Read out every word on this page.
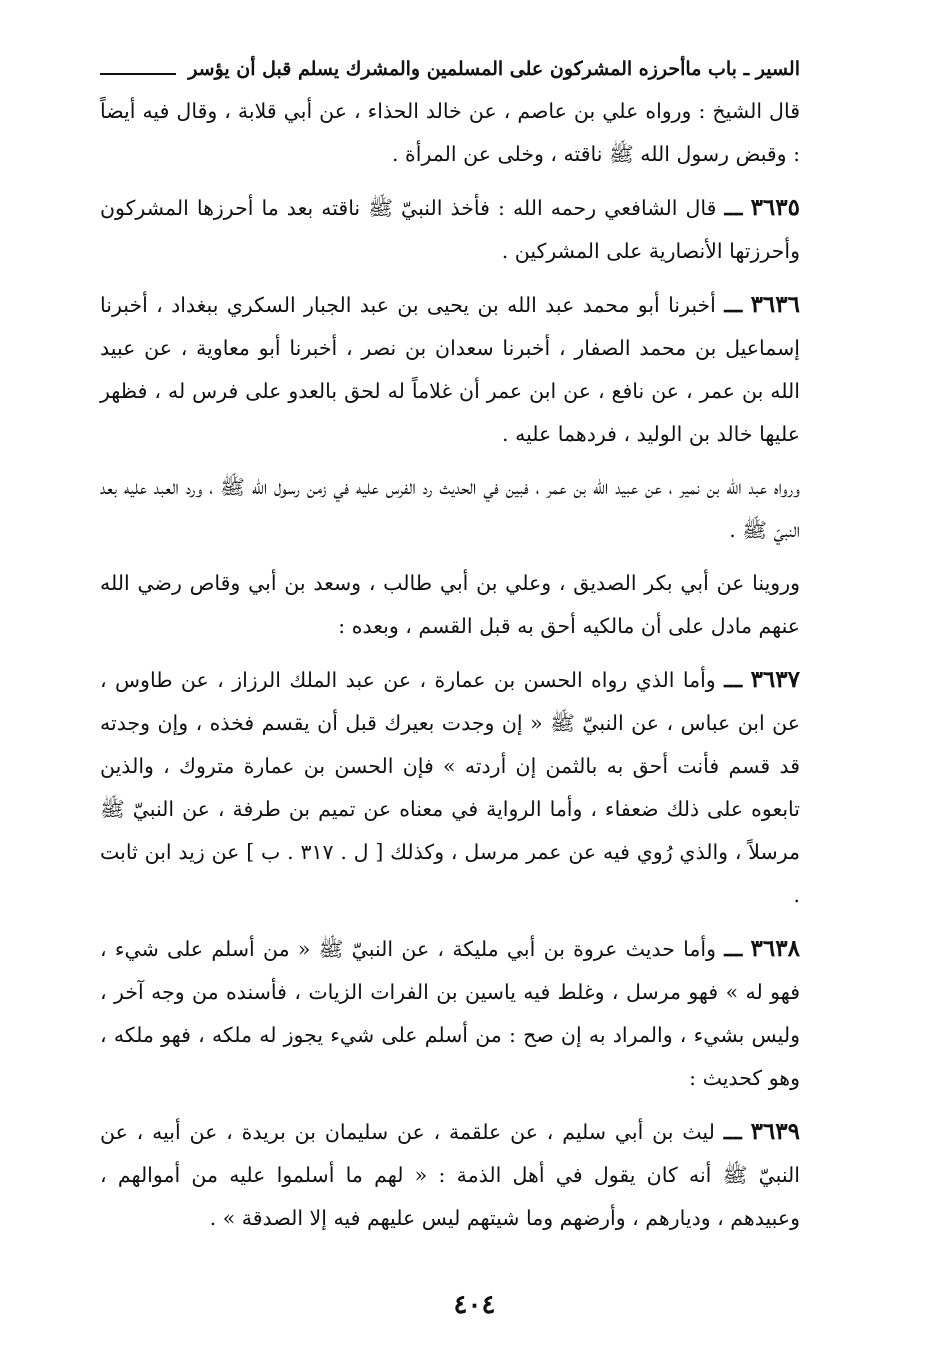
السير ـ باب ماأحرزه المشركون على المسلمين والمشرك يسلم قبل أن يؤسر

قال الشيخ : ورواه علي بن عاصم ، عن خالد الحذاء ، عن أبي قلابة ، وقال فيه أيضاً : وقبض رسول الله ﷺ ناقته ، وخلى عن المرأة .

٣٦٣٥ ـــ قال الشافعي رحمه الله : فأخذ النبيّ ﷺ ناقته بعد ما أحرزها المشركون وأحرزتها الأنصارية على المشركين .

٣٦٣٦ ـــ أخبرنا أبو محمد عبد الله بن يحيى بن عبد الجبار السكري ببغداد ، أخبرنا إسماعيل بن محمد الصفار ، أخبرنا سعدان بن نصر ، أخبرنا أبو معاوية ، عن عبيد الله بن عمر ، عن نافع ، عن ابن عمر أن غلاماً له لحق بالعدو على فرس له ، فظهر عليها خالد بن الوليد ، فردهما عليه .

ورواه عبد الله بن نمير ، عن عبيد الله بن عمر ، فبين في الحديث رد الفرس عليه في زمن رسول الله ﷺ ، ورد العبد عليه بعد النبيّ ﷺ .

وروينا عن أبي بكر الصديق ، وعلي بن أبي طالب ، وسعد بن أبي وقاص رضي الله عنهم مادل على أن مالكيه أحق به قبل القسم ، وبعده :

٣٦٣٧ ـــ وأما الذي رواه الحسن بن عمارة ، عن عبد الملك الرزاز ، عن طاوس ، عن ابن عباس ، عن النبيّ ﷺ « إن وجدت بعيرك قبل أن يقسم فخذه ، وإن وجدته قد قسم فأنت أحق به بالثمن إن أردته » فإن الحسن بن عمارة متروك ، والذين تابعوه على ذلك ضعفاء ، وأما الرواية في معناه عن تميم بن طرفة ، عن النبيّ ﷺ مرسلاً ، والذي رُوي فيه عن عمر مرسل ، وكذلك [ ل . ٣١٧ . ب ] عن زيد ابن ثابت .

٣٦٣٨ ـــ وأما حديث عروة بن أبي مليكة ، عن النبيّ ﷺ « من أسلم على شيء ، فهو له » فهو مرسل ، وغلط فيه ياسين بن الفرات الزيات ، فأسنده من وجه آخر ، وليس بشيء ، والمراد به إن صح : من أسلم على شيء يجوز له ملكه ، فهو ملكه ، وهو كحديث :

٣٦٣٩ ـــ ليث بن أبي سليم ، عن علقمة ، عن سليمان بن بريدة ، عن أبيه ، عن النبيّ ﷺ أنه كان يقول في أهل الذمة : « لهم ما أسلموا عليه من أموالهم ، وعبيدهم ، وديارهم ، وأرضهم وما شيتهم ليس عليهم فيه إلا الصدقة » .

٤٠٤
